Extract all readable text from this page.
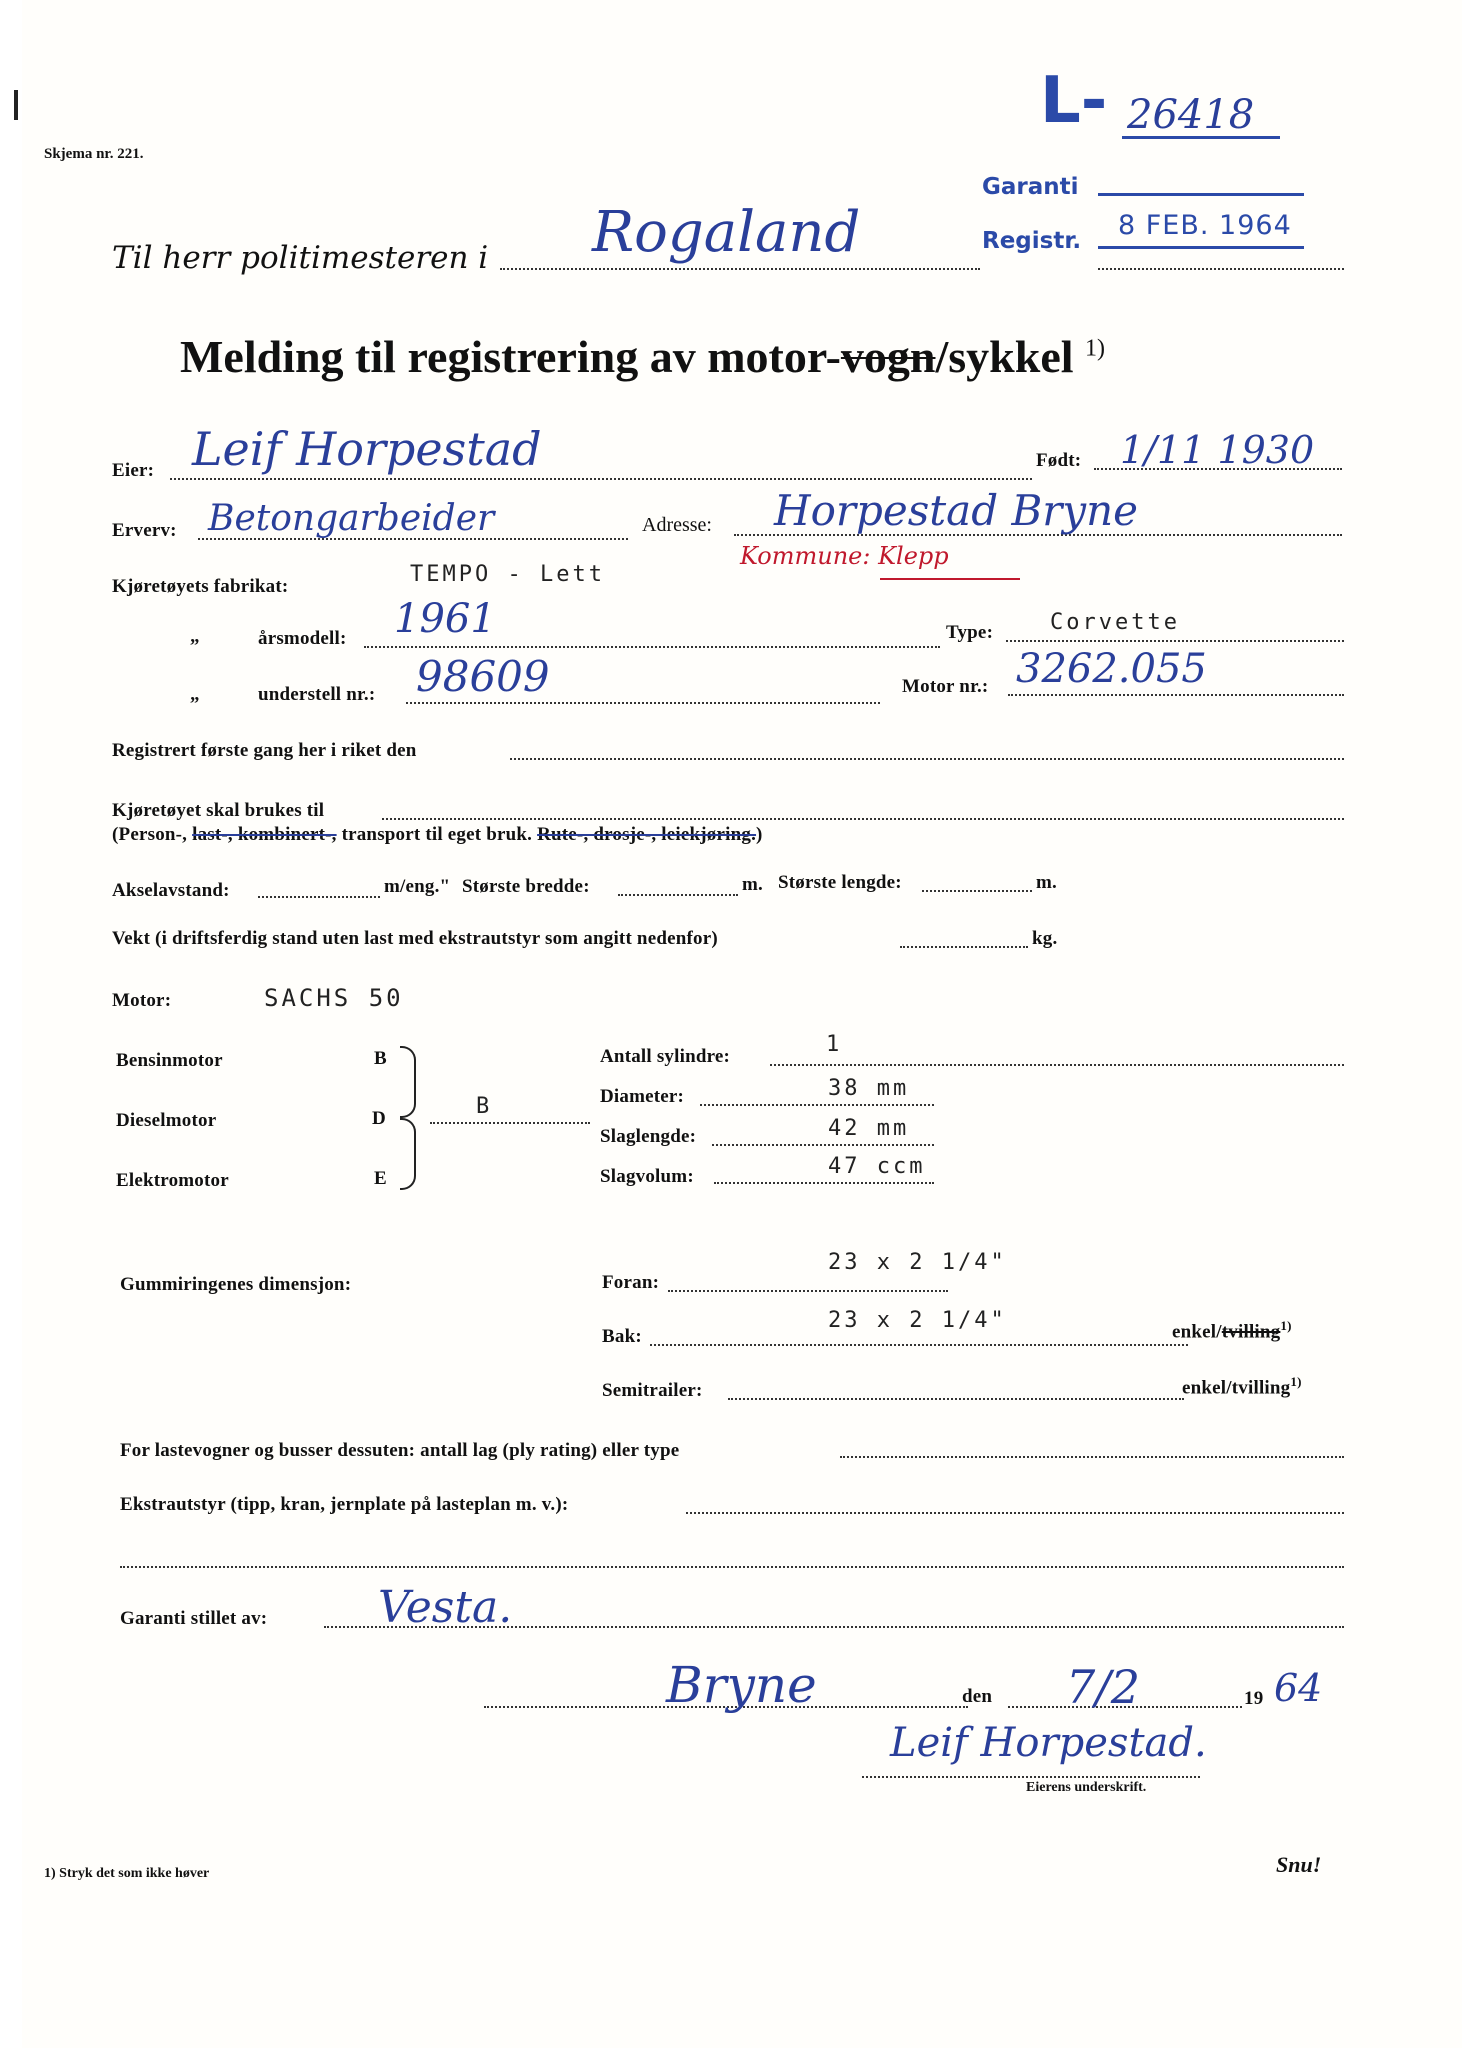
Skjema nr. 221.
L- 26418
Garanti
Registr. 8 FEB. 1964
Til herr politimesteren i Rogaland
Melding til registrering av motor-vogn/sykkel $^{1)}$
Eier: Leif Horpestad	Født: 1/11 1930
Erverv: Betongarbeider	Adresse: Horpestad Bryne
Kjøretøyets fabrikat:	TEMPO - Lett
Kommune: Klepp
„	årsmodell: 1961	Type:	Corvette
„	understell nr.: 98609	Motor nr.: 3262.055
Registrert første gang her i riket den
Kjøretøyet skal brukes til
(Person-, last-, kombinert-, transport til eget bruk. Rute-, drosje-, leiekjøring.)
Akselavstand:	m/eng." Største bredde:	m. Største lengde:	m.
Vekt (i driftsferdig stand uten last med ekstrautstyr som angitt nedenfor)	kg.
Motor:	SACHS 50
Bensinmotor	B
Dieselmotor	D
Elektromotor	E
B
Antall sylindre:	1
Diameter:	38 mm
Slaglengde:	42 mm
Slagvolum:	47 ccm
Gummiringenes dimensjon:	Foran:
23 x 2 1/4"
Bak:
23 x 2 1/4"	enkel/tvilling$^{1)}$
Semitrailer:	enkel/tvilling$^{1)}$
For lastevogner og busser dessuten: antall lag (ply rating) eller type
Ekstrautstyr (tipp, kran, jernplate på lasteplan m. v.):
Garanti stillet av:	Vesta.
Bryne	den 7/2	19 64
Leif Horpestad.
Eierens underskrift.
1) Stryk det som ikke høver	Snu!
